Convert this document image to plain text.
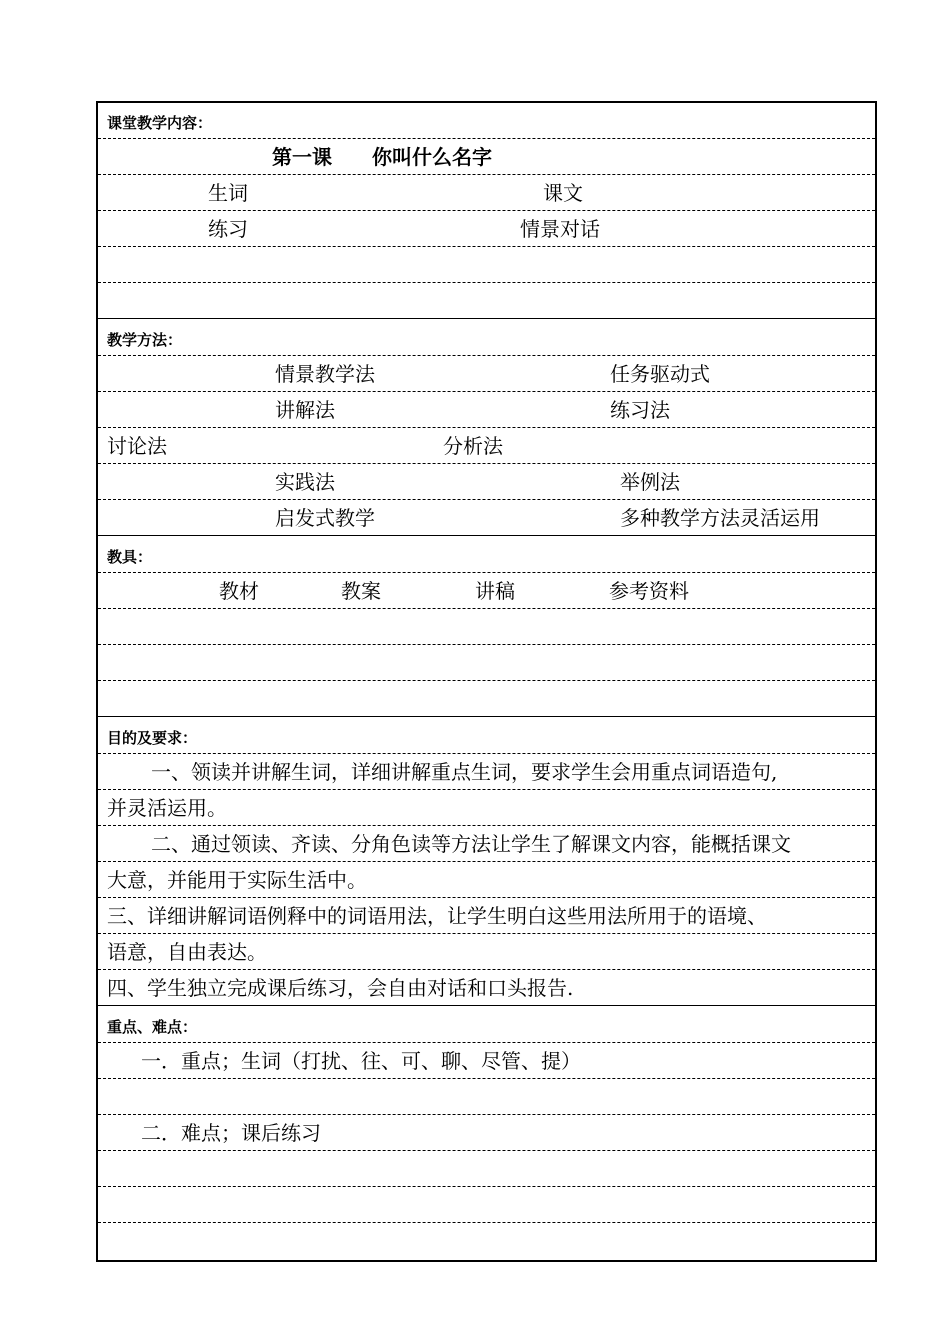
课堂教学内容：
第一课 你叫什么名字
生词	课文
练习	情景对话
教学方法：
情景教学法	任务驱动式
讲解法	练习法
讨论法	分析法
实践法	举例法
启发式教学	多种教学方法灵活运用
教具：
教材	教案	讲稿	参考资料
目的及要求：
一、领读并讲解生词，详细讲解重点生词，要求学生会用重点词语造句,
并灵活运用。
二、通过领读、齐读、分角色读等方法让学生了解课文内容，能概括课文
大意，并能用于实际生活中。
三、详细讲解词语例释中的词语用法，让学生明白这些用法所用于的语境、
语意，自由表达。
四、学生独立完成课后练习，会自由对话和口头报告.
重点、难点：
一．重点；生词（打扰、往、可、聊、尽管、提）
二．难点；课后练习
